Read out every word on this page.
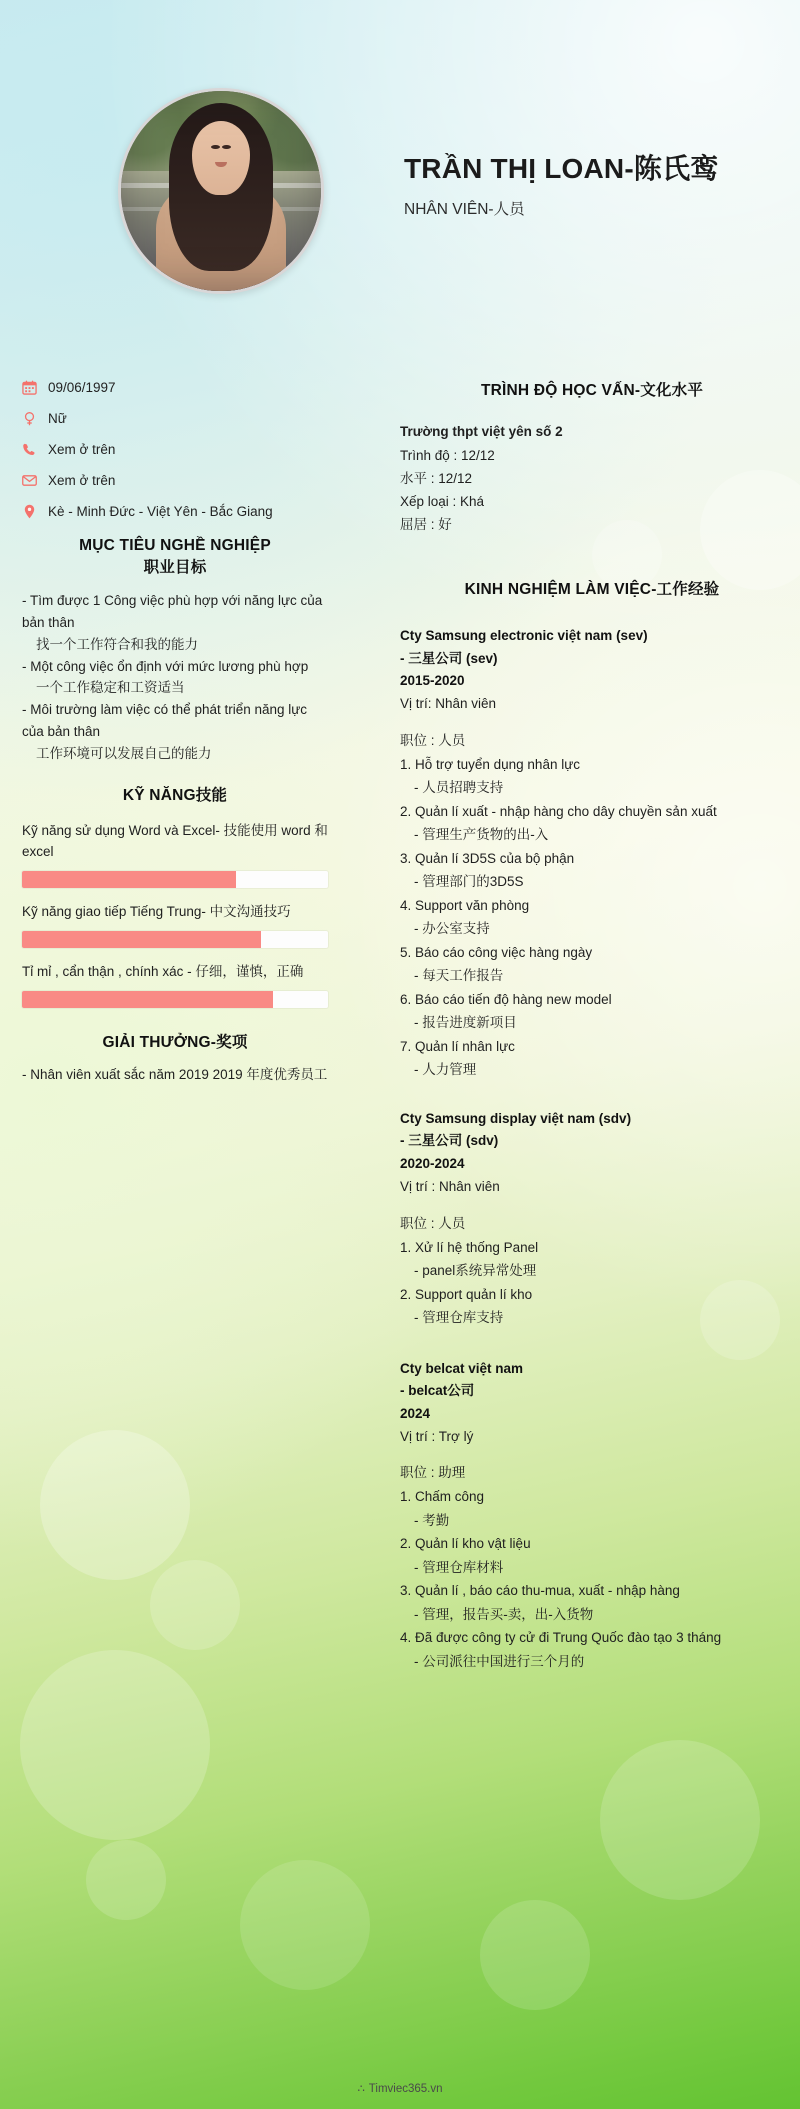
TRẦN THỊ LOAN-陈氏鸾
NHÂN VIÊN-人员
09/06/1997
Nữ
Xem ở trên
Xem ở trên
Kè - Minh Đức - Việt Yên - Bắc Giang
MỤC TIÊU NGHỀ NGHIỆP
职业目标
- Tìm được 1 Công việc phù hợp với năng lực của bản thân
找一个工作符合和我的能力
- Một công việc ổn định với mức lương phù hợp
一个工作稳定和工资适当
- Môi trường làm việc có thể phát triển năng lực của bản thân
工作环境可以发展自己的能力
KỸ NĂNG技能
Kỹ năng sử dụng Word và Excel- 技能使用 word 和 excel
Kỹ năng giao tiếp Tiếng Trung- 中文沟通技巧
Tỉ mỉ , cẩn thận , chính xác - 仔细，谨慎，正确
GIẢI THƯỞNG-奖项
- Nhân viên xuất sắc năm 2019 2019 年度优秀员工
TRÌNH ĐỘ HỌC VẤN-文化水平
Trường thpt việt yên số 2
Trình độ : 12/12
水平 : 12/12
Xếp loại : Khá
屈居 : 好
KINH NGHIỆM LÀM VIỆC-工作经验
Cty Samsung electronic việt nam (sev)
- 三星公司 (sev)
2015-2020
Vị trí: Nhân viên
职位 : 人员
1. Hỗ trợ tuyển dụng nhân lực
- 人员招聘支持
2. Quản lí xuất - nhập hàng cho dây chuyền sản xuất
- 管理生产货物的出-入
3. Quản lí 3D5S của bộ phận
- 管理部门的3D5S
4. Support văn phòng
- 办公室支持
5. Báo cáo công việc hàng ngày
- 每天工作报告
6. Báo cáo tiến độ hàng new model
- 报告进度新项目
7. Quản lí nhân lực
- 人力管理
Cty Samsung display việt nam (sdv)
- 三星公司 (sdv)
2020-2024
Vị trí : Nhân viên
职位 : 人员
1. Xử lí hệ thống Panel
- panel系统异常处理
2. Support quản lí kho
- 管理仓库支持
Cty belcat việt nam
- belcat公司
2024
Vị trí : Trợ lý
职位 : 助理
1. Chấm công
- 考勤
2. Quản lí kho vật liệu
- 管理仓库材料
3. Quản lí , báo cáo thu-mua, xuất - nhập hàng
- 管理，报告买-卖，出-入货物
4. Đã được công ty cử đi Trung Quốc đào tạo 3 tháng
- 公司派往中国进行三个月的
∴ Timviec365.vn
